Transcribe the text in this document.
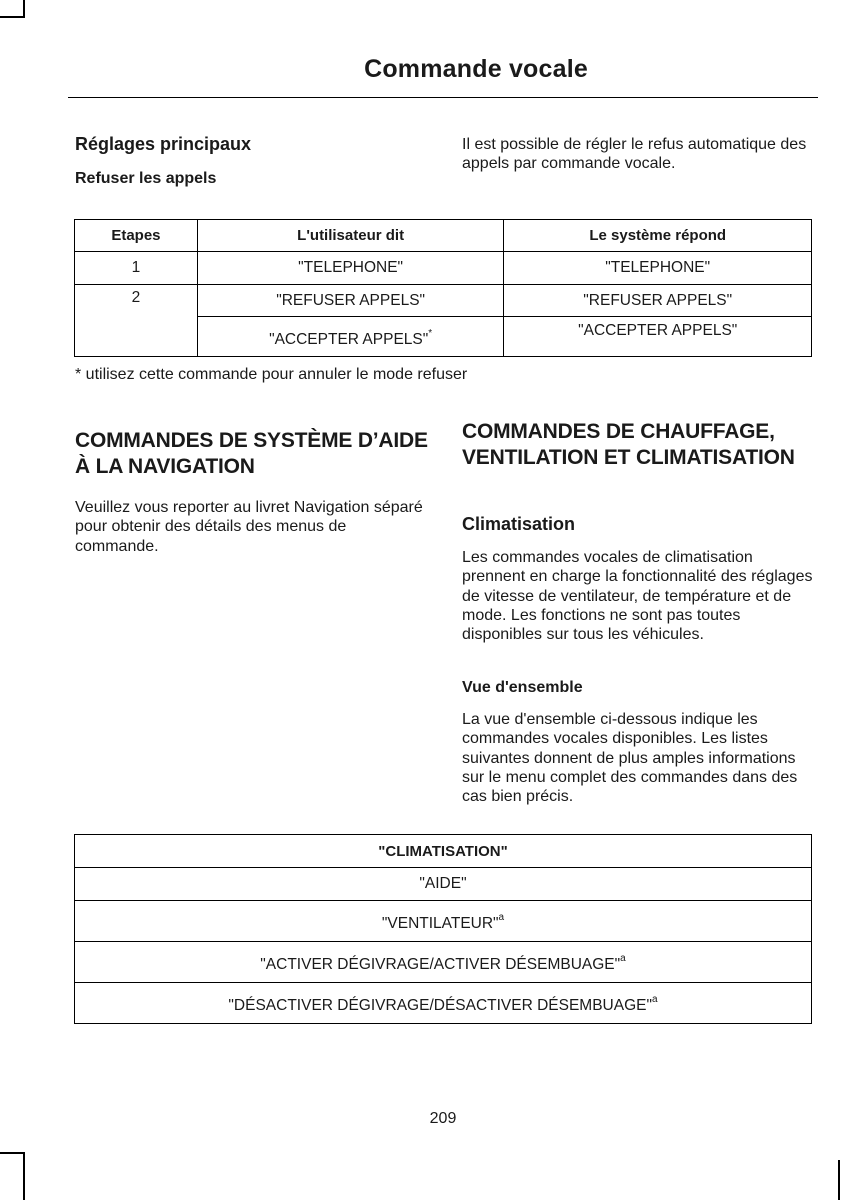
Commande vocale
Réglages principaux
Refuser les appels

Il est possible de régler le refus automatique des appels par commande vocale.

Etapes	L'utilisateur dit	Le système répond
1	"TELEPHONE"	"TELEPHONE"
2	"REFUSER APPELS"	"REFUSER APPELS"
	"ACCEPTER APPELS"*	"ACCEPTER APPELS"
* utilisez cette commande pour annuler le mode refuser
COMMANDES DE SYSTÈME D’AIDE À LA NAVIGATION

Veuillez vous reporter au livret Navigation séparé pour obtenir des détails des menus de commande.

COMMANDES DE CHAUFFAGE, VENTILATION ET CLIMATISATION
Climatisation

Les commandes vocales de climatisation prennent en charge la fonctionnalité des réglages de vitesse de ventilateur, de température et de mode. Les fonctions ne sont pas toutes disponibles sur tous les véhicules.

Vue d'ensemble

La vue d'ensemble ci-dessous indique les commandes vocales disponibles. Les listes suivantes donnent de plus amples informations sur le menu complet des commandes dans des cas bien précis.

"CLIMATISATION"
"AIDE"
"VENTILATEUR"$^a$
"ACTIVER DÉGIVRAGE/ACTIVER DÉSEMBUAGE"$^a$
"DÉSACTIVER DÉGIVRAGE/DÉSACTIVER DÉSEMBUAGE"$^a$
209
